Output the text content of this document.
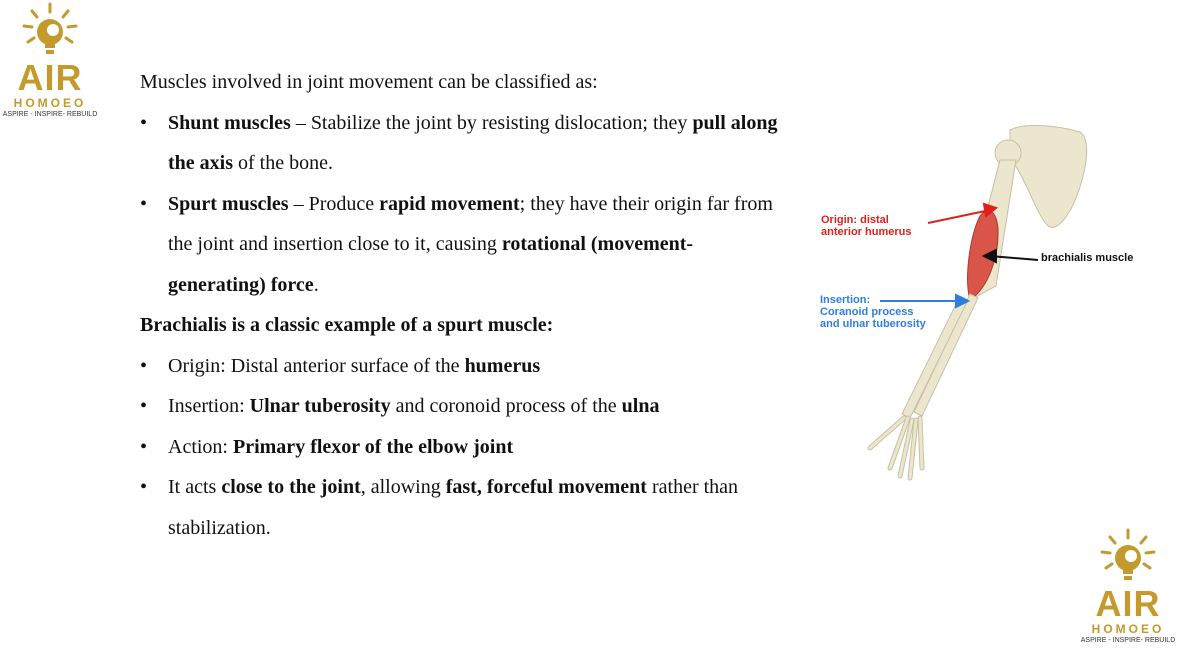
AIR
HOMOEO
ASPIRE - INSPIRE- REBUILD

Muscles involved in joint movement can be classified as:

• Shunt muscles – Stabilize the joint by resisting dislocation; they pull along the axis of the bone.

• Spurt muscles – Produce rapid movement; they have their origin far from the joint and insertion close to it, causing rotational (movement-generating) force.

Brachialis is a classic example of a spurt muscle:

• Origin: Distal anterior surface of the humerus

• Insertion: Ulnar tuberosity and coronoid process of the ulna

• Action: Primary flexor of the elbow joint

• It acts close to the joint, allowing fast, forceful movement rather than stabilization.

Origin: distal
anterior humerus
brachialis muscle
Insertion:
Coranoid process
and ulnar tuberosity
AIR
HOMOEO
ASPIRE - INSPIRE- REBUILD
